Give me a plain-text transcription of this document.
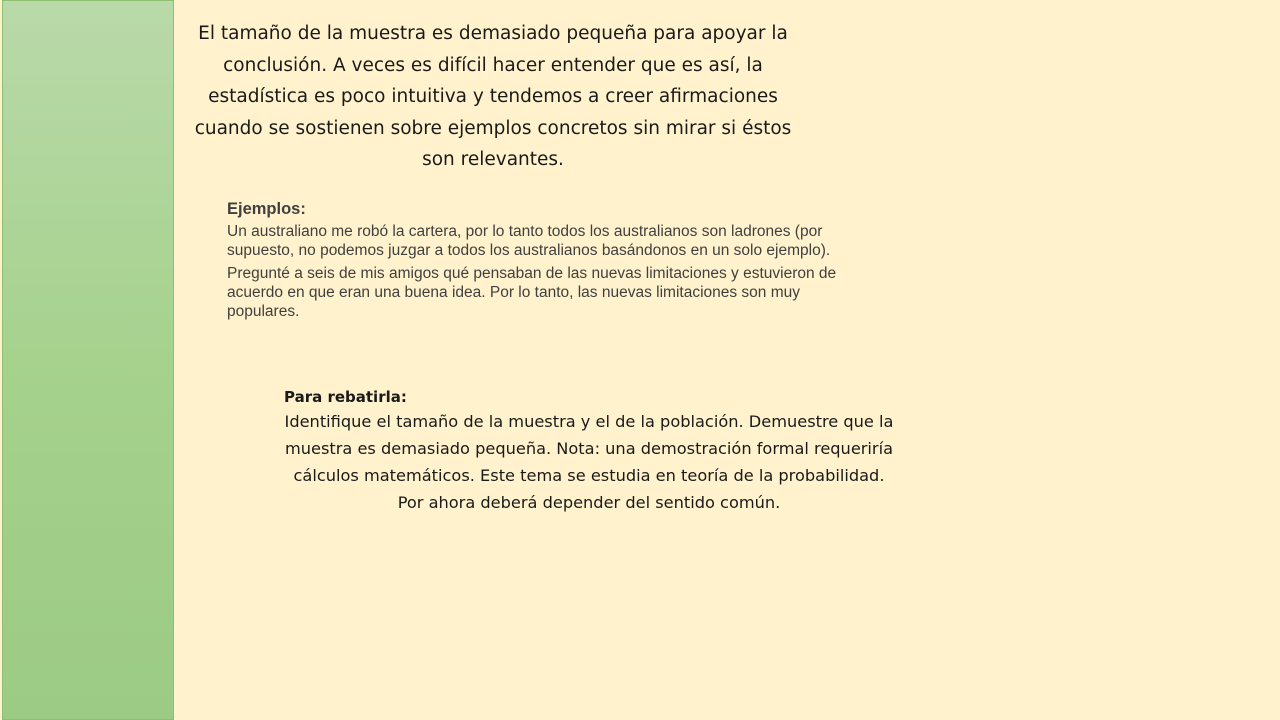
El tamaño de la muestra es demasiado pequeña para apoyar la conclusión. A veces es difícil hacer entender que es así, la estadística es poco intuitiva y tendemos a creer afirmaciones cuando se sostienen sobre ejemplos concretos sin mirar si éstos son relevantes.

Ejemplos:

Un australiano me robó la cartera, por lo tanto todos los australianos son ladrones (por supuesto, no podemos juzgar a todos los australianos basándonos en un solo ejemplo).

Pregunté a seis de mis amigos qué pensaban de las nuevas limitaciones y estuvieron de acuerdo en que eran una buena idea. Por lo tanto, las nuevas limitaciones son muy populares.

Para rebatirla:

Identifique el tamaño de la muestra y el de la población. Demuestre que la muestra es demasiado pequeña. Nota: una demostración formal requeriría cálculos matemáticos. Este tema se estudia en teoría de la probabilidad. Por ahora deberá depender del sentido común.
